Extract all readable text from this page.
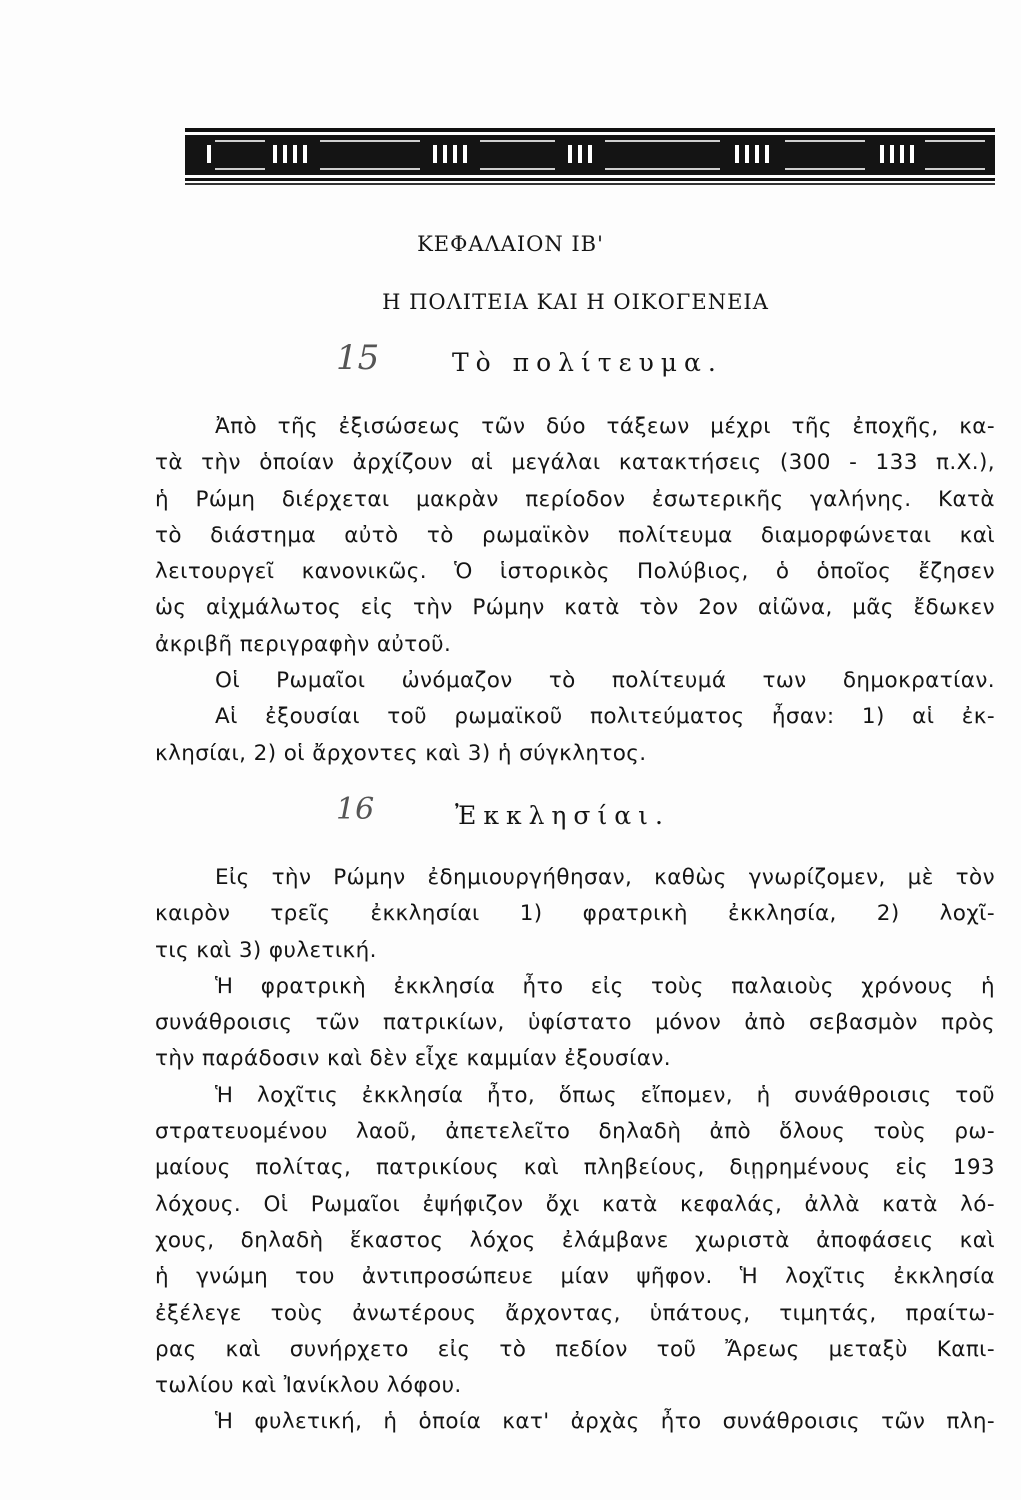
ΚΕΦΑΛΑΙΟΝ ΙΒ'
Η ΠΟΛΙΤΕΙΑ ΚΑΙ Η ΟΙΚΟΓΕΝΕΙΑ
15	Τὸ πολίτευμα.
Ἀπὸ τῆς ἐξισώσεως τῶν δύο τάξεων μέχρι τῆς ἐποχῆς, κα-
τὰ τὴν ὁποίαν ἀρχίζουν αἱ μεγάλαι κατακτήσεις (300 - 133 π.Χ.),
ἡ Ρώμη διέρχεται μακρὰν περίοδον ἐσωτερικῆς γαλήνης. Κατὰ
τὸ διάστημα αὐτὸ τὸ ρωμαϊκὸν πολίτευμα διαμορφώνεται καὶ
λειτουργεῖ κανονικῶς. Ὁ ἱστορικὸς Πολύβιος, ὁ ὁποῖος ἔζησεν
ὡς αἰχμάλωτος εἰς τὴν Ρώμην κατὰ τὸν 2ον αἰῶνα, μᾶς ἔδωκεν
ἀκριβῆ περιγραφὴν αὐτοῦ.
Οἱ Ρωμαῖοι ὠνόμαζον τὸ πολίτευμά των δημοκρατίαν.
Αἱ ἐξουσίαι τοῦ ρωμαϊκοῦ πολιτεύματος ἦσαν: 1) αἱ ἐκ-
κλησίαι, 2) οἱ ἄρχοντες καὶ 3) ἡ σύγκλητος.
16	Ἐκκλησίαι.
Εἰς τὴν Ρώμην ἐδημιουργήθησαν, καθὼς γνωρίζομεν, μὲ τὸν
καιρὸν τρεῖς ἐκκλησίαι 1) φρατρικὴ ἐκκλησία, 2) λοχῖ-
τις καὶ 3) φυλετική.
Ἡ φρατρικὴ ἐκκλησία ἦτο εἰς τοὺς παλαιοὺς χρόνους ἡ
συνάθροισις τῶν πατρικίων, ὑφίστατο μόνον ἀπὸ σεβασμὸν πρὸς
τὴν παράδοσιν καὶ δὲν εἶχε καμμίαν ἐξουσίαν.
Ἡ λοχῖτις ἐκκλησία ἦτο, ὅπως εἴπομεν, ἡ συνάθροισις τοῦ
στρατευομένου λαοῦ, ἀπετελεῖτο δηλαδὴ ἀπὸ ὅλους τοὺς ρω-
μαίους πολίτας, πατρικίους καὶ πληβείους, διῃρημένους εἰς 193
λόχους. Οἱ Ρωμαῖοι ἐψήφιζον ὄχι κατὰ κεφαλάς, ἀλλὰ κατὰ λό-
χους, δηλαδὴ ἕκαστος λόχος ἐλάμβανε χωριστὰ ἀποφάσεις καὶ
ἡ γνώμη του ἀντιπροσώπευε μίαν ψῆφον. Ἡ λοχῖτις ἐκκλησία
ἐξέλεγε τοὺς ἀνωτέρους ἄρχοντας, ὑπάτους, τιμητάς, πραίτω-
ρας καὶ συνήρχετο εἰς τὸ πεδίον τοῦ Ἄρεως μεταξὺ Καπι-
τωλίου καὶ Ἰανίκλου λόφου.
Ἡ φυλετική, ἡ ὁποία κατ' ἀρχὰς ἦτο συνάθροισις τῶν πλη-
